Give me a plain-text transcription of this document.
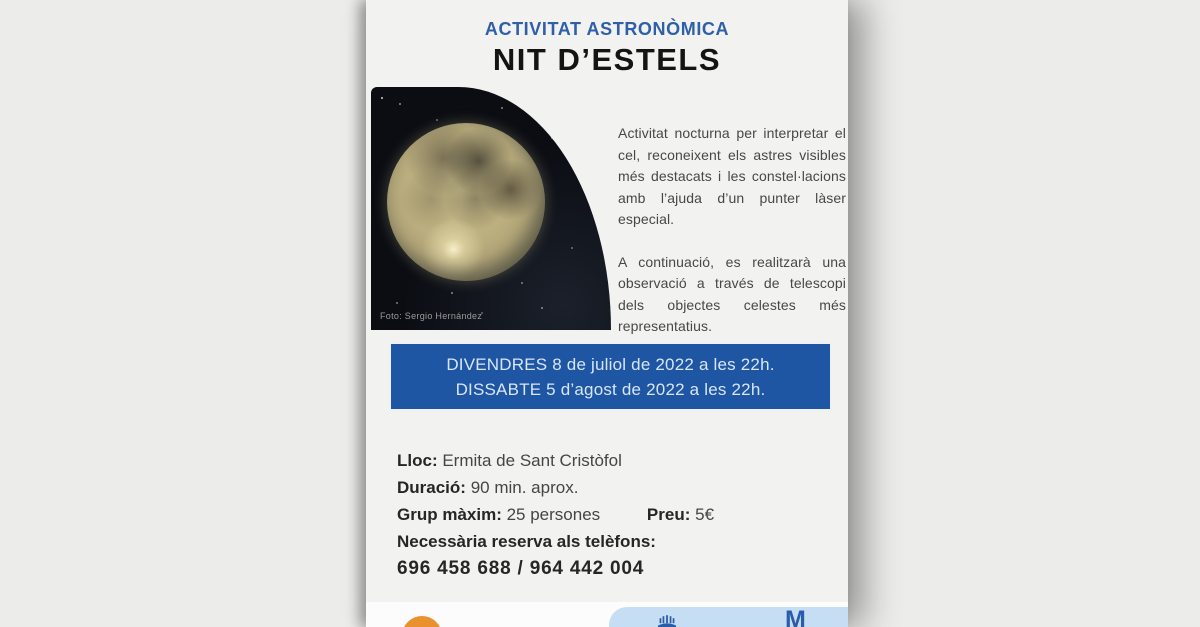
ACTIVITAT ASTRONÒMICA
NIT D’ESTELS
Foto: Sergio Hernández

Activitat nocturna per interpretar el cel, reconeixent els astres visibles més destacats i les constel·lacions amb l’ajuda d’un punter làser especial.

A continuació, es realitzarà una observació a través de telescopi dels objectes celestes més representatius.

DIVENDRES 8 de juliol de 2022 a les 22h.
DISSABTE 5 d’agost de 2022 a les 22h.
Lloc: Ermita de Sant Cristòfol
Duració: 90 min. aprox.
Grup màxim: 25 persones	Preu: 5€
Necessària reserva als telèfons:
696 458 688 / 964 442 004
M
